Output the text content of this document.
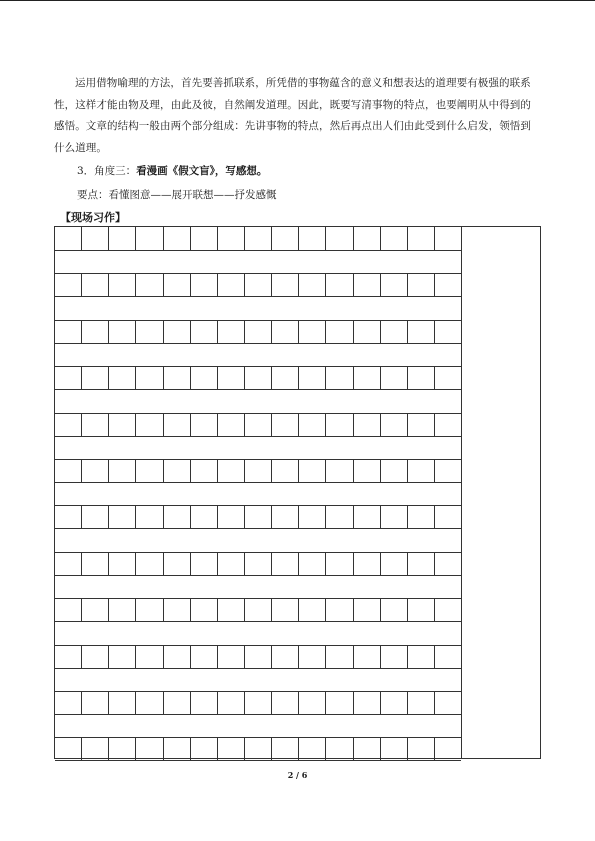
运用借物喻理的方法，首先要善抓联系，所凭借的事物蕴含的意义和想表达的道理要有极强的联系性，这样才能由物及理，由此及彼，自然阐发道理。因此，既要写清事物的特点，也要阐明从中得到的感悟。文章的结构一般由两个部分组成：先讲事物的特点，然后再点出人们由此受到什么启发，领悟到什么道理。

3．角度三：看漫画《假文盲》，写感想。
要点：看懂图意——展开联想——抒发感慨
【现场习作】
2 / 6
